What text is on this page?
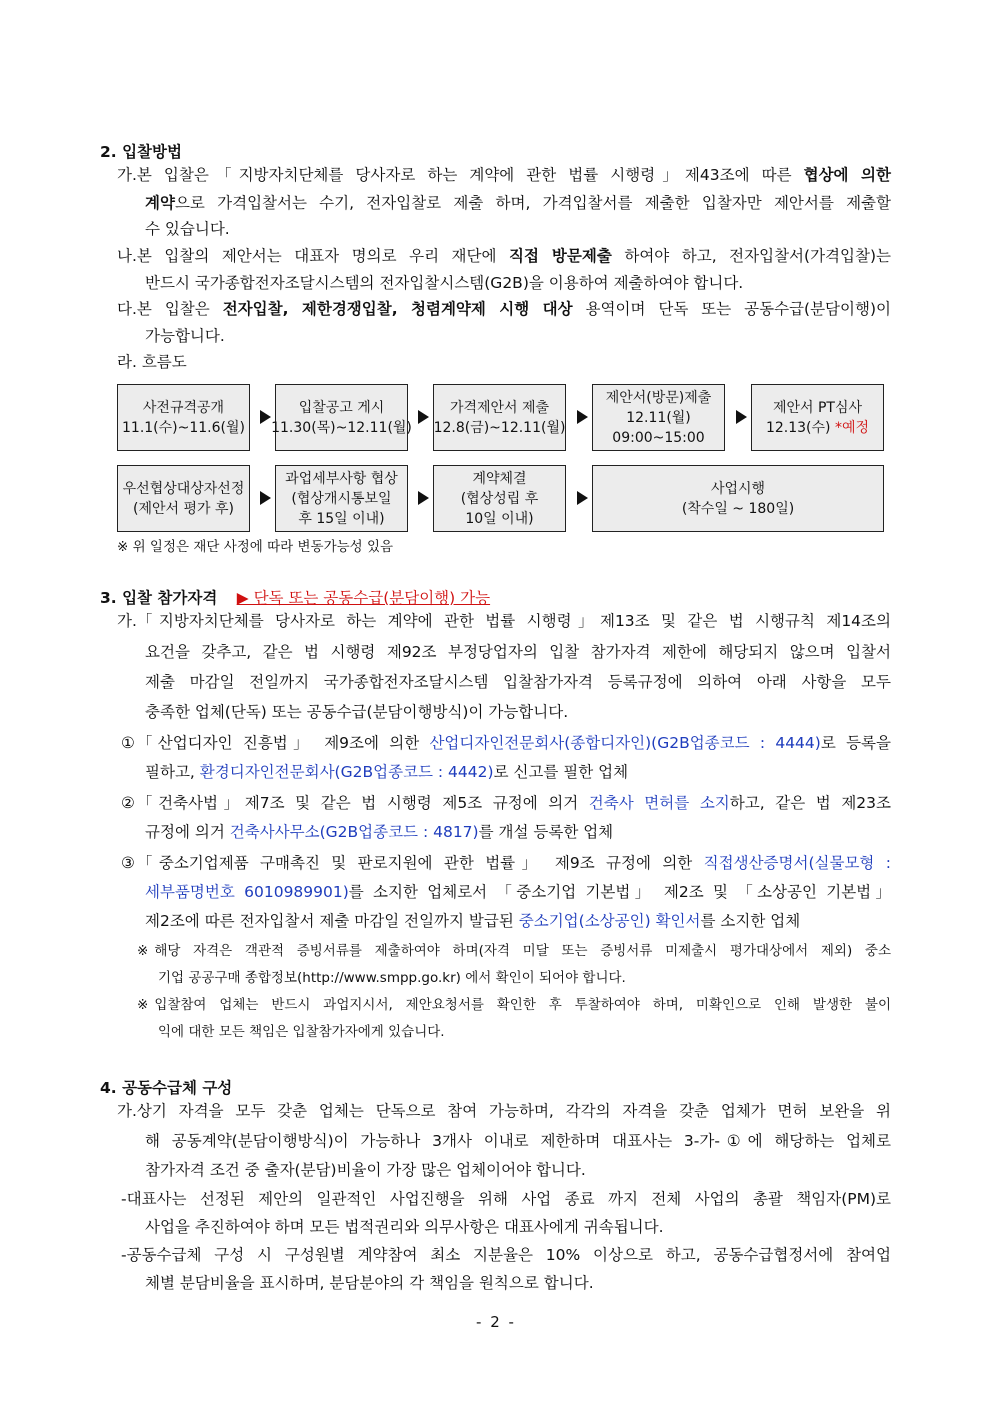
2. 입찰방법
가. 본 입찰은「지방자치단체를 당사자로 하는 계약에 관한 법률 시행령」제43조에 따른 협상에 의한
계약으로 가격입찰서는 수기, 전자입찰로 제출 하며, 가격입찰서를 제출한 입찰자만 제안서를 제출할
수 있습니다.
나. 본 입찰의 제안서는 대표자 명의로 우리 재단에 직접 방문제출 하여야 하고, 전자입찰서(가격입찰)는
반드시 국가종합전자조달시스템의 전자입찰시스템(G2B)을 이용하여 제출하여야 합니다.
다. 본 입찰은 전자입찰, 제한경쟁입찰, 청렴계약제 시행 대상 용역이며 단독 또는 공동수급(분담이행)이
가능합니다.
라. 흐름도
사전규격공개
11.1(수)~11.6(월)
입찰공고 게시
11.30(목)~12.11(월)
가격제안서 제출
12.8(금)~12.11(월)
제안서(방문)제출
12.11(월)
09:00~15:00
제안서 PT심사
12.13(수) *예정
우선협상대상자선정
(제안서 평가 후)
과업세부사항 협상
(협상개시통보일
후 15일 이내)
계약체결
(협상성립 후
10일 이내)
사업시행
(착수일 ~ 180일)
※ 위 일정은 재단 사정에 따라 변동가능성 있음
3. 입찰 참가자격 ▶ 단독 또는 공동수급(분담이행) 가능
가. 「지방자치단체를 당사자로 하는 계약에 관한 법률 시행령」제13조 및 같은 법 시행규칙 제14조의
요건을 갖추고, 같은 법 시행령 제92조 부정당업자의 입찰 참가자격 제한에 해당되지 않으며 입찰서
제출 마감일 전일까지 국가종합전자조달시스템 입찰참가자격 등록규정에 의하여 아래 사항을 모두
충족한 업체(단독) 또는 공동수급(분담이행방식)이 가능합니다.
① 「산업디자인 진흥법」 제9조에 의한 산업디자인전문회사(종합디자인)(G2B업종코드 : 4444)로 등록을
필하고, 환경디자인전문회사(G2B업종코드 : 4442)로 신고를 필한 업체
② 「건축사법」제7조 및 같은 법 시행령 제5조 규정에 의거 건축사 면허를 소지하고, 같은 법 제23조
규정에 의거 건축사사무소(G2B업종코드 : 4817)를 개설 등록한 업체
③ 「중소기업제품 구매촉진 및 판로지원에 관한 법률」 제9조 규정에 의한 직접생산증명서(실물모형 :
세부품명번호 6010989901)를 소지한 업체로서 「중소기업 기본법」 제2조 및 「소상공인 기본법」
제2조에 따른 전자입찰서 제출 마감일 전일까지 발급된 중소기업(소상공인) 확인서를 소지한 업체
※ 해당 자격은 객관적 증빙서류를 제출하여야 하며(자격 미달 또는 증빙서류 미제출시 평가대상에서 제외) 중소
기업 공공구매 종합정보(http://www.smpp.go.kr) 에서 확인이 되어야 합니다.
※ 입찰참여 업체는 반드시 과업지시서, 제안요청서를 확인한 후 투찰하여야 하며, 미확인으로 인해 발생한 불이
익에 대한 모든 책임은 입찰참가자에게 있습니다.
4. 공동수급체 구성
가. 상기 자격을 모두 갖춘 업체는 단독으로 참여 가능하며, 각각의 자격을 갖춘 업체가 면허 보완을 위
해 공동계약(분담이행방식)이 가능하나 3개사 이내로 제한하며 대표사는 3-가-①에 해당하는 업체로
참가자격 조건 중 출자(분담)비율이 가장 많은 업체이어야 합니다.
- 대표사는 선정된 제안의 일관적인 사업진행을 위해 사업 종료 까지 전체 사업의 총괄 책임자(PM)로
사업을 추진하여야 하며 모든 법적권리와 의무사항은 대표사에게 귀속됩니다.
- 공동수급체 구성 시 구성원별 계약참여 최소 지분율은 10% 이상으로 하고, 공동수급협정서에 참여업
체별 분담비율을 표시하며, 분담분야의 각 책임을 원칙으로 합니다.
- 2 -
